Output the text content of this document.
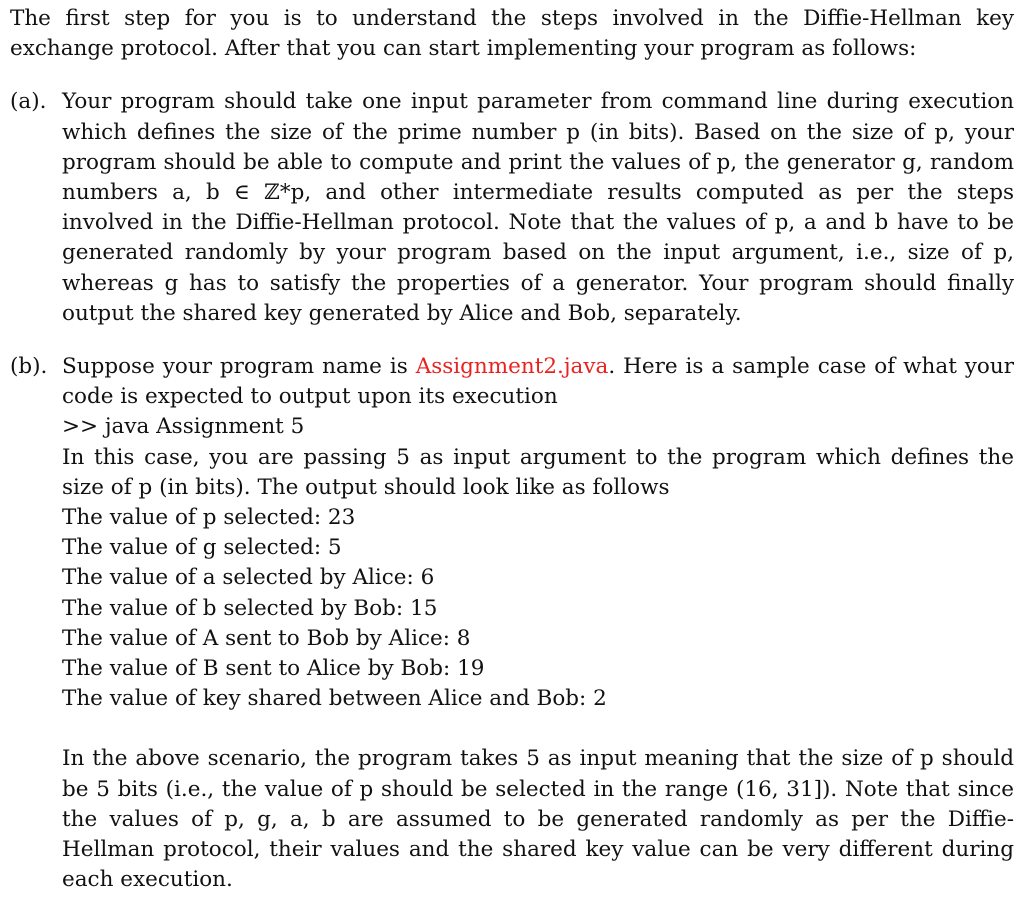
The first step for you is to understand the steps involved in the Diffie-Hellman key exchange protocol. After that you can start implementing your program as follows:

(a). Your program should take one input parameter from command line during execution which defines the size of the prime number p (in bits). Based on the size of p, your program should be able to compute and print the values of p, the generator g, random numbers a, b ∈ ℤ*p, and other intermediate results computed as per the steps involved in the Diffie-Hellman protocol. Note that the values of p, a and b have to be generated randomly by your program based on the input argument, i.e., size of p, whereas g has to satisfy the properties of a generator. Your program should finally output the shared key generated by Alice and Bob, separately.

(b). Suppose your program name is Assignment2.java. Here is a sample case of what your code is expected to output upon its execution

>> java Assignment 5

In this case, you are passing 5 as input argument to the program which defines the size of p (in bits). The output should look like as follows

The value of p selected: 23
The value of g selected: 5
The value of a selected by Alice: 6
The value of b selected by Bob: 15
The value of A sent to Bob by Alice: 8
The value of B sent to Alice by Bob: 19
The value of key shared between Alice and Bob: 2

In the above scenario, the program takes 5 as input meaning that the size of p should be 5 bits (i.e., the value of p should be selected in the range (16, 31]). Note that since the values of p, g, a, b are assumed to be generated randomly as per the Diffie-Hellman protocol, their values and the shared key value can be very different during each execution.
